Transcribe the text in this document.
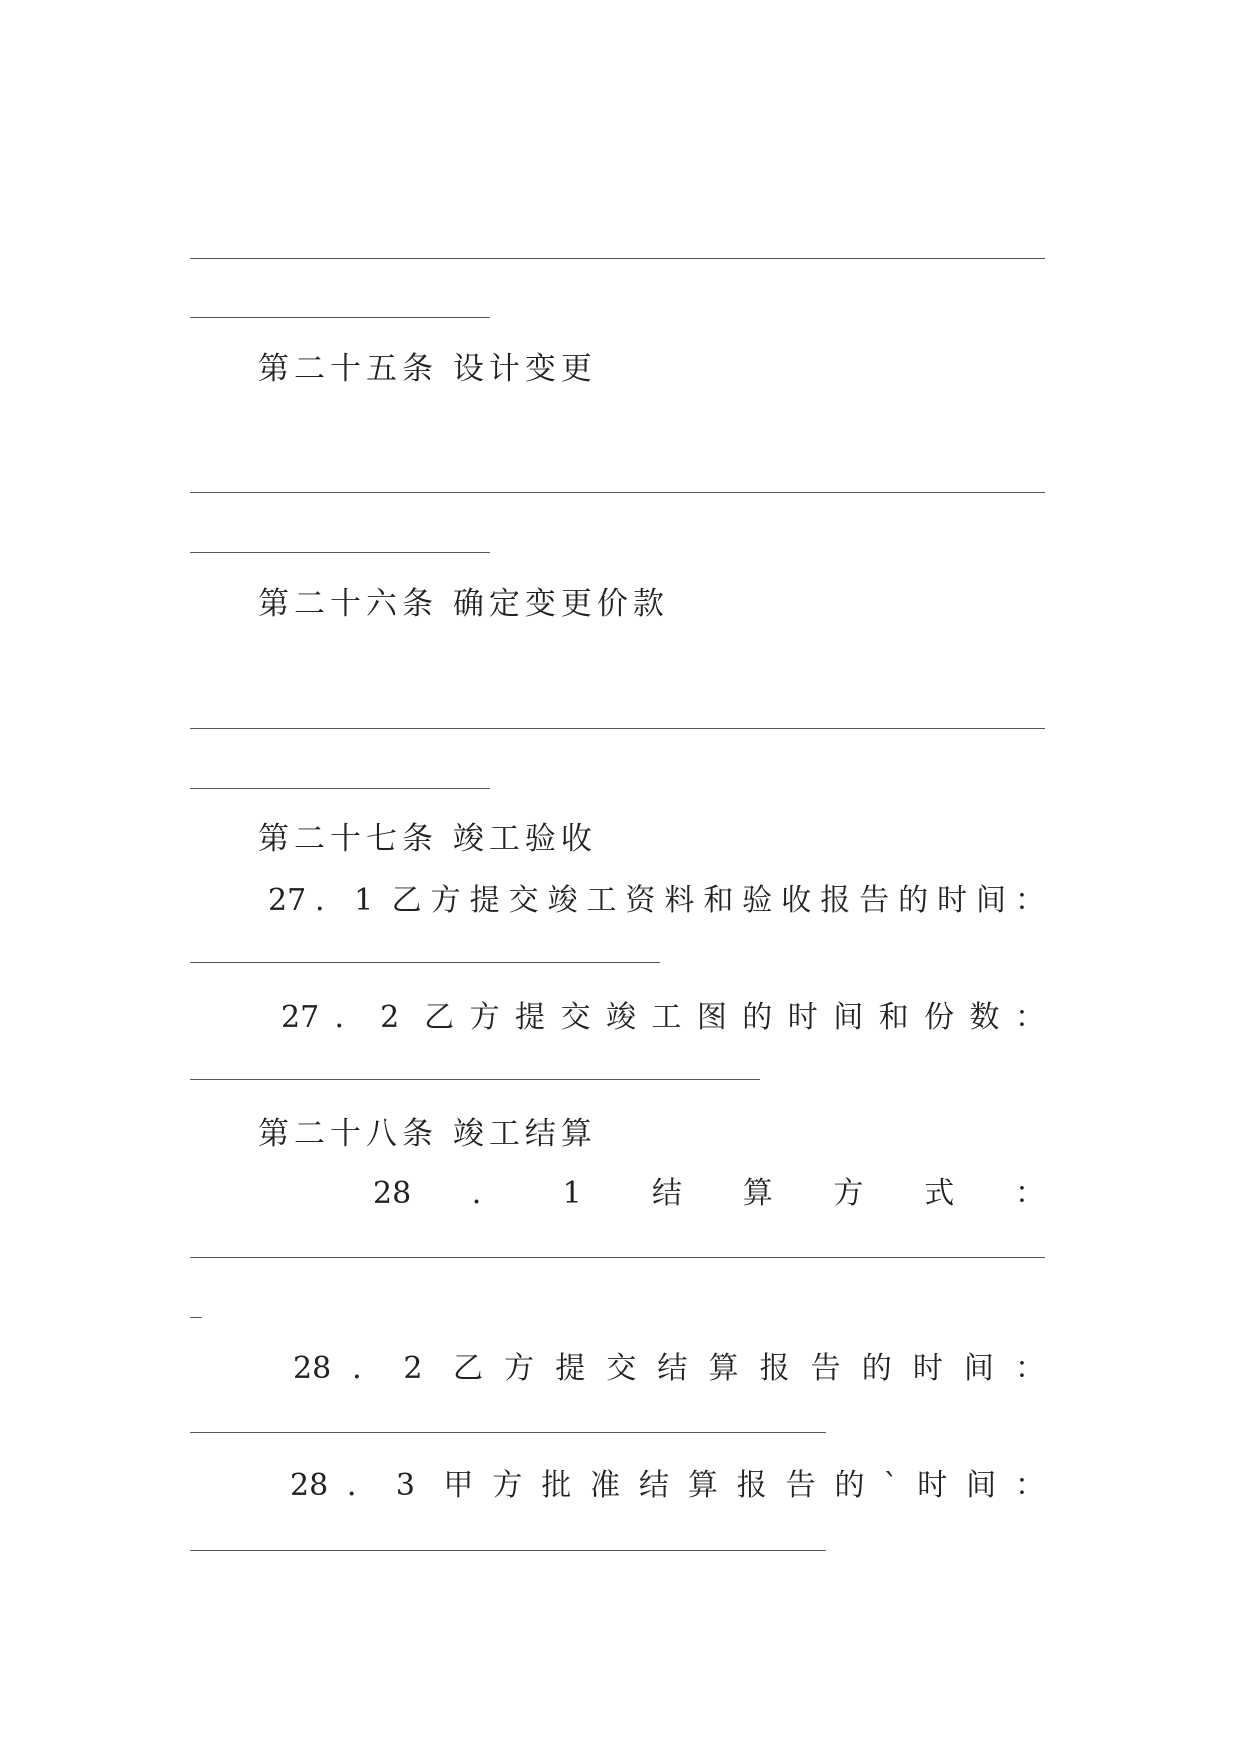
第二十五条 设计变更
第二十六条 确定变更价款
第二十七条 竣工验收
27．1 乙方提交竣工资料和验收报告的时间：
27．2 乙方提交竣工图的时间和份数：
第二十八条 竣工结算
28．1 结算方式：
28．2 乙方提交结算报告的时间：
28．3 甲方批准结算报告的`时间：
